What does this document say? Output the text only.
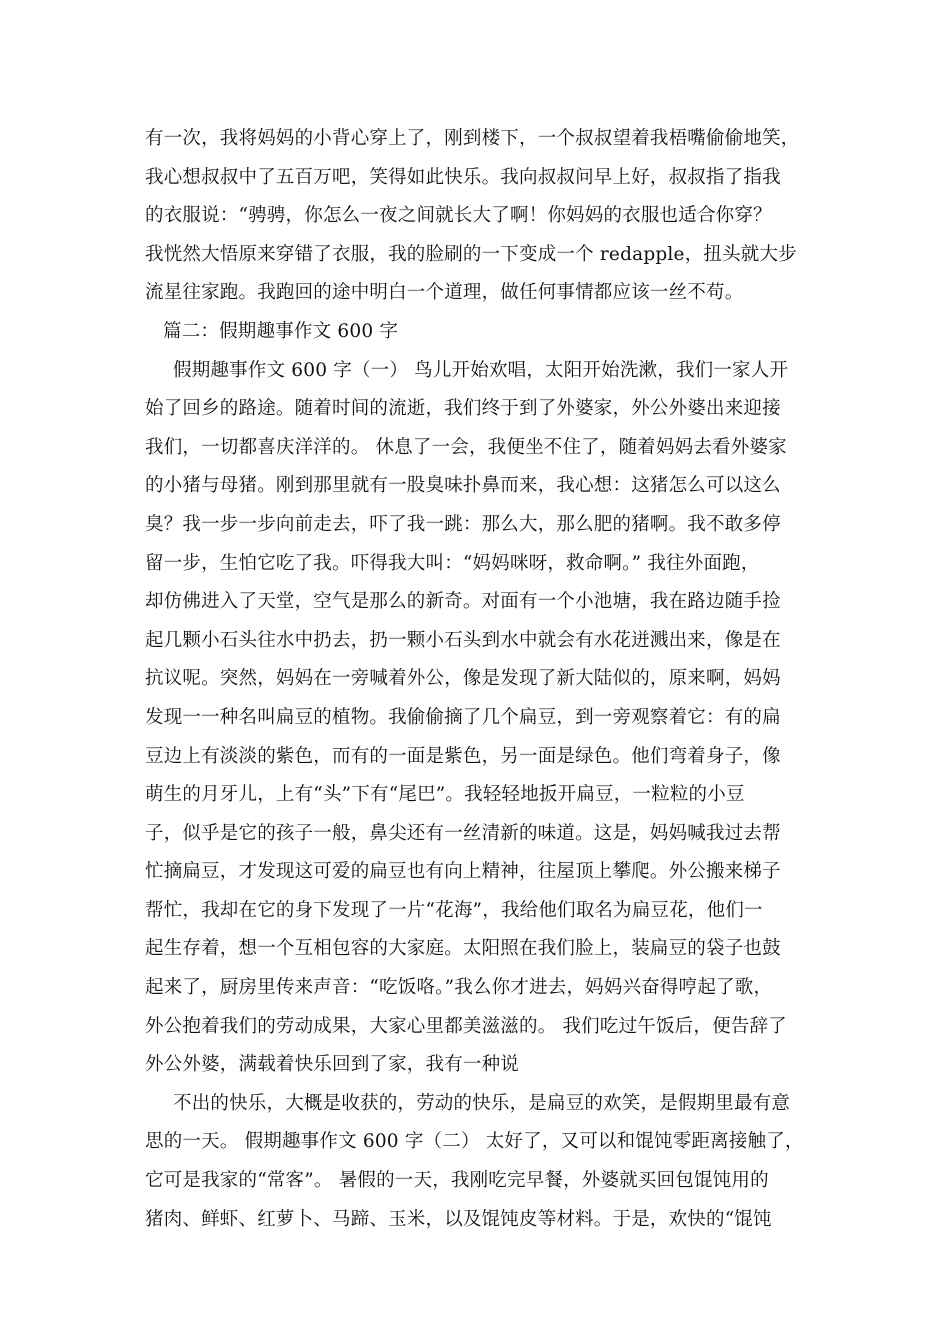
有一次，我将妈妈的小背心穿上了，刚到楼下，一个叔叔望着我梧嘴偷偷地笑，
我心想叔叔中了五百万吧，笑得如此快乐。我向叔叔问早上好，叔叔指了指我
的衣服说：“骋骋，你怎么一夜之间就长大了啊！你妈妈的衣服也适合你穿？
我恍然大悟原来穿错了衣服，我的脸刷的一下变成一个 redapple，扭头就大步
流星往家跑。我跑回的途中明白一个道理，做任何事情都应该一丝不苟。
篇二：假期趣事作文 600 字
假期趣事作文 600 字（一） 鸟儿开始欢唱，太阳开始洗漱，我们一家人开
始了回乡的路途。随着时间的流逝，我们终于到了外婆家，外公外婆出来迎接
我们，一切都喜庆洋洋的。 休息了一会，我便坐不住了，随着妈妈去看外婆家
的小猪与母猪。刚到那里就有一股臭味扑鼻而来，我心想：这猪怎么可以这么
臭？我一步一步向前走去，吓了我一跳：那么大，那么肥的猪啊。我不敢多停
留一步，生怕它吃了我。吓得我大叫：“妈妈咪呀，救命啊。” 我往外面跑，
却仿佛进入了天堂，空气是那么的新奇。对面有一个小池塘，我在路边随手捡
起几颗小石头往水中扔去，扔一颗小石头到水中就会有水花迸溅出来，像是在
抗议呢。突然，妈妈在一旁喊着外公，像是发现了新大陆似的，原来啊，妈妈
发现一一种名叫扁豆的植物。我偷偷摘了几个扁豆，到一旁观察着它：有的扁
豆边上有淡淡的紫色，而有的一面是紫色，另一面是绿色。他们弯着身子，像
萌生的月牙儿，上有“头”下有“尾巴”。我轻轻地扳开扁豆，一粒粒的小豆
子，似乎是它的孩子一般，鼻尖还有一丝清新的味道。这是，妈妈喊我过去帮
忙摘扁豆，才发现这可爱的扁豆也有向上精神，往屋顶上攀爬。外公搬来梯子
帮忙，我却在它的身下发现了一片“花海”，我给他们取名为扁豆花，他们一
起生存着，想一个互相包容的大家庭。太阳照在我们脸上，装扁豆的袋子也鼓
起来了，厨房里传来声音：“吃饭咯。”我么你才进去，妈妈兴奋得哼起了歌，
外公抱着我们的劳动成果，大家心里都美滋滋的。 我们吃过午饭后，便告辞了
外公外婆，满载着快乐回到了家，我有一种说
不出的快乐，大概是收获的，劳动的快乐，是扁豆的欢笑，是假期里最有意
思的一天。 假期趣事作文 600 字（二） 太好了，又可以和馄饨零距离接触了，
它可是我家的“常客”。 暑假的一天，我刚吃完早餐，外婆就买回包馄饨用的
猪肉、鲜虾、红萝卜、马蹄、玉米，以及馄饨皮等材料。于是，欢快的“馄饨
